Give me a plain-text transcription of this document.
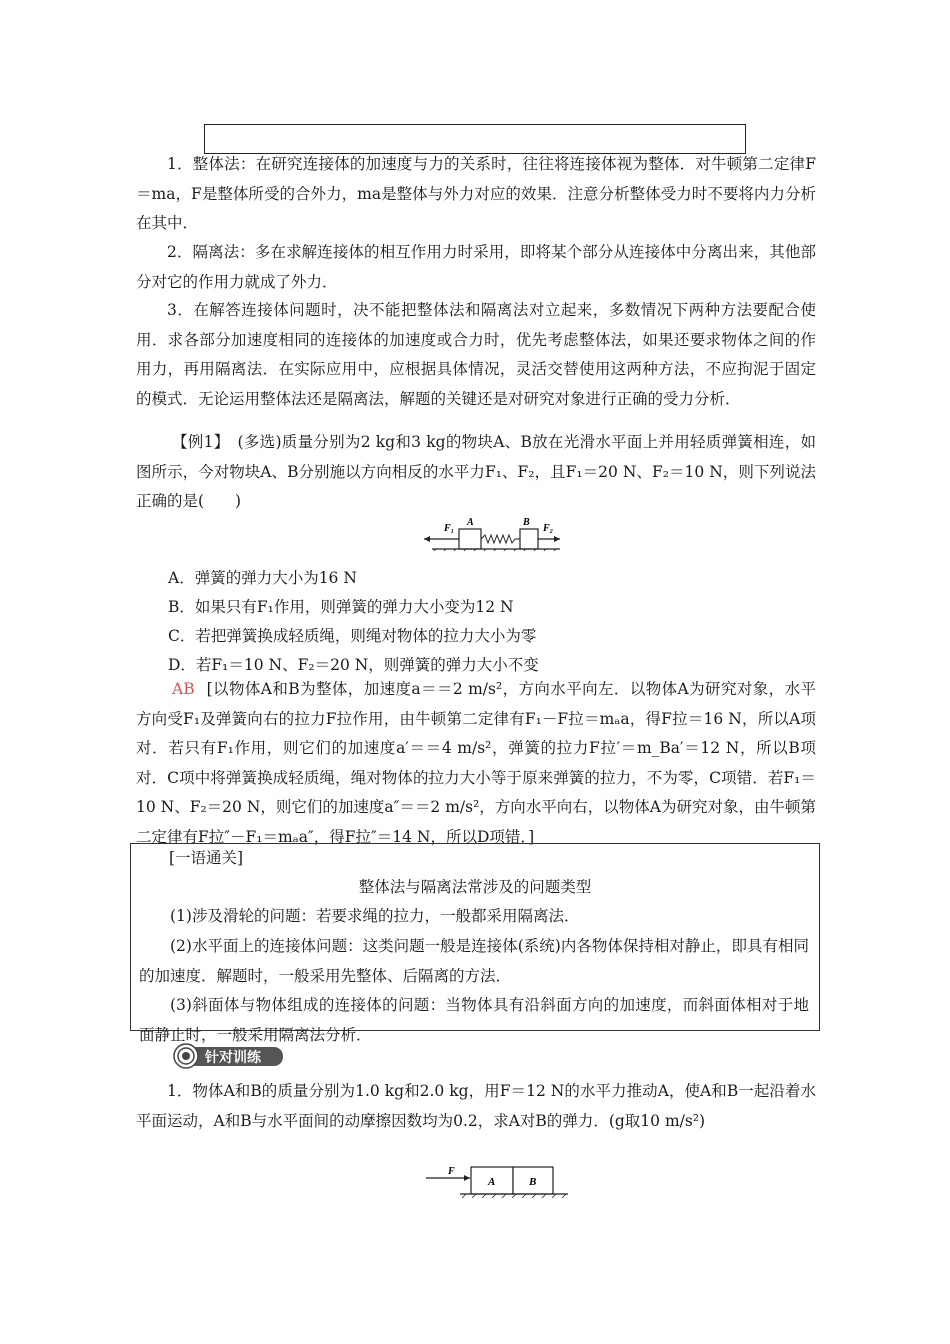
1．整体法：在研究连接体的加速度与力的关系时，往往将连接体视为整体．对牛顿第二定律F＝ma，F是整体所受的合外力，ma是整体与外力对应的效果．注意分析整体受力时不要将内力分析在其中．
2．隔离法：多在求解连接体的相互作用力时采用，即将某个部分从连接体中分离出来，其他部分对它的作用力就成了外力．
3．在解答连接体问题时，决不能把整体法和隔离法对立起来，多数情况下两种方法要配合使用．求各部分加速度相同的连接体的加速度或合力时，优先考虑整体法，如果还要求物体之间的作用力，再用隔离法．在实际应用中，应根据具体情况，灵活交替使用这两种方法，不应拘泥于固定的模式．无论运用整体法还是隔离法，解题的关键还是对研究对象进行正确的受力分析．
【例1】　(多选)质量分别为2 kg和3 kg的物块A、B放在光滑水平面上并用轻质弹簧相连，如图所示，今对物块A、B分别施以方向相反的水平力F₁、F₂，且F₁＝20 N、F₂＝10 N，则下列说法正确的是(　　)
F₁
A	B
F₂
A．弹簧的弹力大小为16 N
B．如果只有F₁作用，则弹簧的弹力大小变为12 N
C．若把弹簧换成轻质绳，则绳对物体的拉力大小为零
D．若F₁＝10 N、F₂＝20 N，则弹簧的弹力大小不变
AB [以物体A和B为整体，加速度a＝＝2 m/s²，方向水平向左．以物体A为研究对象，水平方向受F₁及弹簧向右的拉力F拉作用，由牛顿第二定律有F₁－F拉＝mₐa，得F拉＝16 N，所以A项对．若只有F₁作用，则它们的加速度a′＝＝4 m/s²，弹簧的拉力F拉′＝m_Ba′＝12 N，所以B项对．C项中将弹簧换成轻质绳，绳对物体的拉力大小等于原来弹簧的拉力，不为零，C项错．若F₁＝10 N、F₂＝20 N，则它们的加速度a″＝＝2 m/s²，方向水平向右，以物体A为研究对象，由牛顿第二定律有F拉″－F₁＝mₐa″，得F拉″＝14 N，所以D项错．]
[一语通关]
整体法与隔离法常涉及的问题类型
(1)涉及滑轮的问题：若要求绳的拉力，一般都采用隔离法．
(2)水平面上的连接体问题：这类问题一般是连接体(系统)内各物体保持相对静止，即具有相同的加速度．解题时，一般采用先整体、后隔离的方法．
(3)斜面体与物体组成的连接体的问题：当物体具有沿斜面方向的加速度，而斜面体相对于地面静止时，一般采用隔离法分析．
针对训练
1．物体A和B的质量分别为1.0 kg和2.0 kg，用F＝12 N的水平力推动A，使A和B一起沿着水平面运动，A和B与水平面间的动摩擦因数均为0.2，求A对B的弹力．(g取10 m/s²)
F
A	B
